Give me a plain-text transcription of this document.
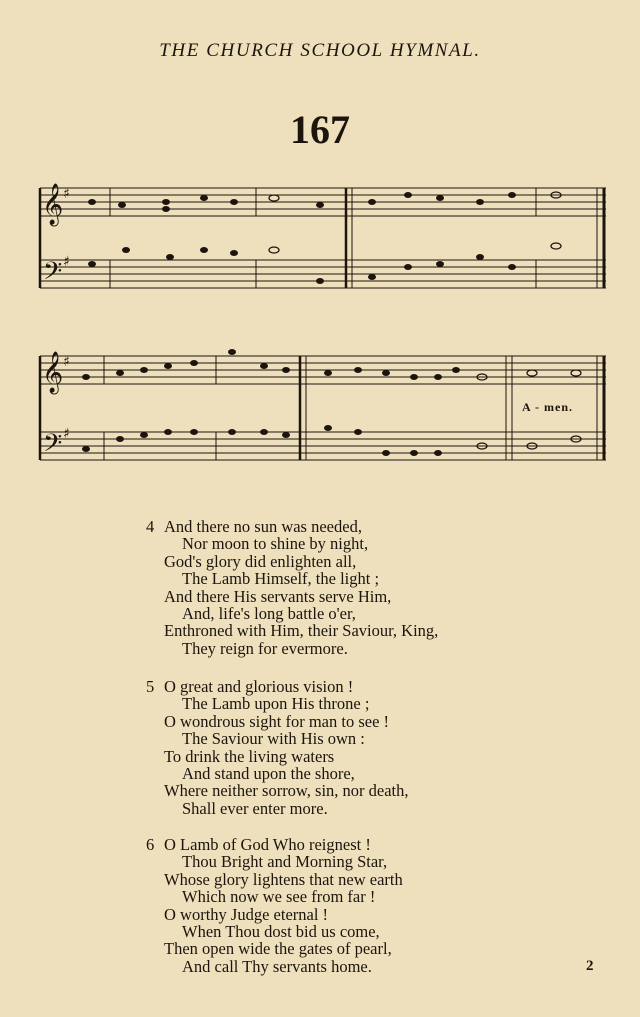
THE CHURCH SCHOOL HYMNAL.
167
𝄞
𝄢
♯
♯
𝄞
𝄢
♯
♯
A - men.
4 And there no sun was needed,
Nor moon to shine by night,
God's glory did enlighten all,
The Lamb Himself, the light ;
And there His servants serve Him,
And, life's long battle o'er,
Enthroned with Him, their Saviour, King,
They reign for evermore.
5 O great and glorious vision !
The Lamb upon His throne ;
O wondrous sight for man to see !
The Saviour with His own :
To drink the living waters
And stand upon the shore,
Where neither sorrow, sin, nor death,
Shall ever enter more.
6 O Lamb of God Who reignest !
Thou Bright and Morning Star,
Whose glory lightens that new earth
Which now we see from far !
O worthy Judge eternal !
When Thou dost bid us come,
Then open wide the gates of pearl,
And call Thy servants home.	2
